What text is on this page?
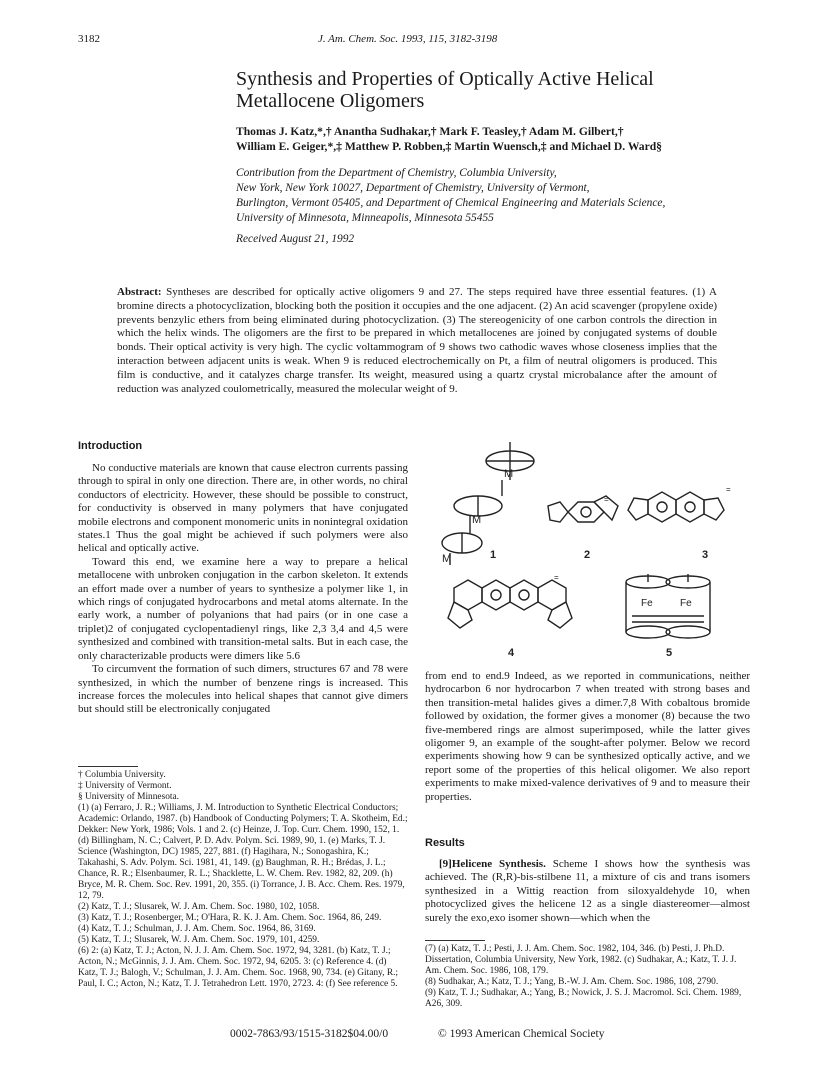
3182	J. Am. Chem. Soc. 1993, 115, 3182-3198
Synthesis and Properties of Optically Active Helical Metallocene Oligomers
Thomas J. Katz,*,† Anantha Sudhakar,† Mark F. Teasley,† Adam M. Gilbert,†
William E. Geiger,*,‡ Matthew P. Robben,‡ Martin Wuensch,‡ and Michael D. Ward§
Contribution from the Department of Chemistry, Columbia University,
New York, New York 10027, Department of Chemistry, University of Vermont,
Burlington, Vermont 05405, and Department of Chemical Engineering and Materials Science,
University of Minnesota, Minneapolis, Minnesota 55455
Received August 21, 1992
Abstract: Syntheses are described for optically active oligomers 9 and 27. The steps required have three essential features. (1) A bromine directs a photocyclization, blocking both the position it occupies and the one adjacent. (2) An acid scavenger (propylene oxide) prevents benzylic ethers from being eliminated during photocyclization. (3) The stereogenicity of one carbon controls the direction in which the helix winds. The oligomers are the first to be prepared in which metallocenes are joined by conjugated systems of double bonds. Their optical activity is very high. The cyclic voltammogram of 9 shows two cathodic waves whose closeness implies that the interaction between adjacent units is weak. When 9 is reduced electrochemically on Pt, a film of neutral oligomers is produced. This film is conductive, and it catalyzes charge transfer. Its weight, measured using a quartz crystal microbalance after the amount of reduction was analyzed coulometrically, measured the molecular weight of 9.
Introduction

No conductive materials are known that cause electron currents passing through to spiral in only one direction. There are, in other words, no chiral conductors of electricity. However, these should be possible to construct, for conductivity is observed in many polymers that have conjugated mobile electrons and component monomeric units in nonintegral oxidation states.1 Thus the goal might be achieved if such polymers were also helical and optically active.

Toward this end, we examine here a way to prepare a helical metallocene with unbroken conjugation in the carbon skeleton. It extends an effort made over a number of years to synthesize a polymer like 1, in which rings of conjugated hydrocarbons and metal atoms alternate. In the early work, a number of polyanions that had pairs (or in one case a triplet)2 of conjugated cyclopentadienyl rings, like 2,3 3,4 and 4,5 were synthesized and combined with transition-metal salts. But in each case, the only characterizable products were dimers like 5.6

To circumvent the formation of such dimers, structures 67 and 78 were synthesized, in which the number of benzene rings is increased. This increase forces the molecules into helical shapes that cannot give dimers but should still be electronically conjugated

† Columbia University.
‡ University of Vermont.
§ University of Minnesota.
(1) (a) Ferraro, J. R.; Williams, J. M. Introduction to Synthetic Electrical Conductors; Academic: Orlando, 1987. (b) Handbook of Conducting Polymers; T. A. Skotheim, Ed.; Dekker: New York, 1986; Vols. 1 and 2. (c) Heinze, J. Top. Curr. Chem. 1990, 152, 1. (d) Billingham, N. C.; Calvert, P. D. Adv. Polym. Sci. 1989, 90, 1. (e) Marks, T. J. Science (Washington, DC) 1985, 227, 881. (f) Hagihara, N.; Sonogashira, K.; Takahashi, S. Adv. Polym. Sci. 1981, 41, 149. (g) Baughman, R. H.; Brédas, J. L.; Chance, R. R.; Elsenbaumer, R. L.; Shacklette, L. W. Chem. Rev. 1982, 82, 209. (h) Bryce, M. R. Chem. Soc. Rev. 1991, 20, 355. (i) Torrance, J. B. Acc. Chem. Res. 1979, 12, 79.
(2) Katz, T. J.; Slusarek, W. J. Am. Chem. Soc. 1980, 102, 1058.
(3) Katz, T. J.; Rosenberger, M.; O'Hara, R. K. J. Am. Chem. Soc. 1964, 86, 249.
(4) Katz, T. J.; Schulman, J. J. Am. Chem. Soc. 1964, 86, 3169.
(5) Katz, T. J.; Slusarek, W. J. Am. Chem. Soc. 1979, 101, 4259.
(6) 2: (a) Katz, T. J.; Acton, N. J. J. Am. Chem. Soc. 1972, 94, 3281. (b) Katz, T. J.; Acton, N.; McGinnis, J. J. Am. Chem. Soc. 1972, 94, 6205. 3: (c) Reference 4. (d) Katz, T. J.; Balogh, V.; Schulman, J. J. Am. Chem. Soc. 1968, 90, 734. (e) Gitany, R.; Paul, I. C.; Acton, N.; Katz, T. J. Tetrahedron Lett. 1970, 2723. 4: (f) See reference 5.
M
M
M
Fe	Fe
=
=
=
1	2	3
4	5

from end to end.9 Indeed, as we reported in communications, neither hydrocarbon 6 nor hydrocarbon 7 when treated with strong bases and then transition-metal halides gives a dimer.7,8 With cobaltous bromide followed by oxidation, the former gives a monomer (8) because the two five-membered rings are almost superimposed, while the latter gives oligomer 9, an example of the sought-after polymer. Below we record experiments showing how 9 can be synthesized optically active, and we report some of the properties of this helical oligomer. We also report experiments to make mixed-valence derivatives of 9 and to measure their properties.

Results

[9]Helicene Synthesis. Scheme I shows how the synthesis was achieved. The (R,R)-bis-stilbene 11, a mixture of cis and trans isomers synthesized in a Wittig reaction from siloxyaldehyde 10, when photocyclized gives the helicene 12 as a single diastereomer—almost surely the exo,exo isomer shown—which when the

(7) (a) Katz, T. J.; Pesti, J. J. Am. Chem. Soc. 1982, 104, 346. (b) Pesti, J. Ph.D. Dissertation, Columbia University, New York, 1982. (c) Sudhakar, A.; Katz, T. J. J. Am. Chem. Soc. 1986, 108, 179.
(8) Sudhakar, A.; Katz, T. J.; Yang, B.-W. J. Am. Chem. Soc. 1986, 108, 2790.
(9) Katz, T. J.; Sudhakar, A.; Yang, B.; Nowick, J. S. J. Macromol. Sci. Chem. 1989, A26, 309.
0002-7863/93/1515-3182$04.00/0	© 1993 American Chemical Society
